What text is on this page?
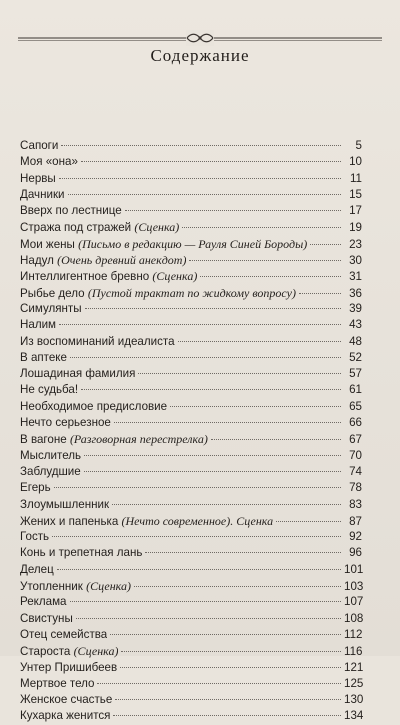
Содержание
Сапоги	5
Моя «она»	10
Нервы	11
Дачники	15
Вверх по лестнице	17
Стража под стражей (Сценка)	19
Мои жены (Письмо в редакцию — Рауля Синей Бороды)	23
Надул (Очень древний анекдот)	30
Интеллигентное бревно (Сценка)	31
Рыбье дело (Пустой трактат по жидкому вопросу)	36
Симулянты	39
Налим	43
Из воспоминаний идеалиста	48
В аптеке	52
Лошадиная фамилия	57
Не судьба!	61
Необходимое предисловие	65
Нечто серьезное	66
В вагоне (Разговорная перестрелка)	67
Мыслитель	70
Заблудшие	74
Егерь	78
Злоумышленник	83
Жених и папенька (Нечто современное). Сценка	87
Гость	92
Конь и трепетная лань	96
Делец	101
Утопленник (Сценка)	103
Реклама	107
Свистуны	108
Отец семейства	112
Староста (Сценка)	116
Унтер Пришибеев	121
Мертвое тело	125
Женское счастье	130
Кухарка женится	134
